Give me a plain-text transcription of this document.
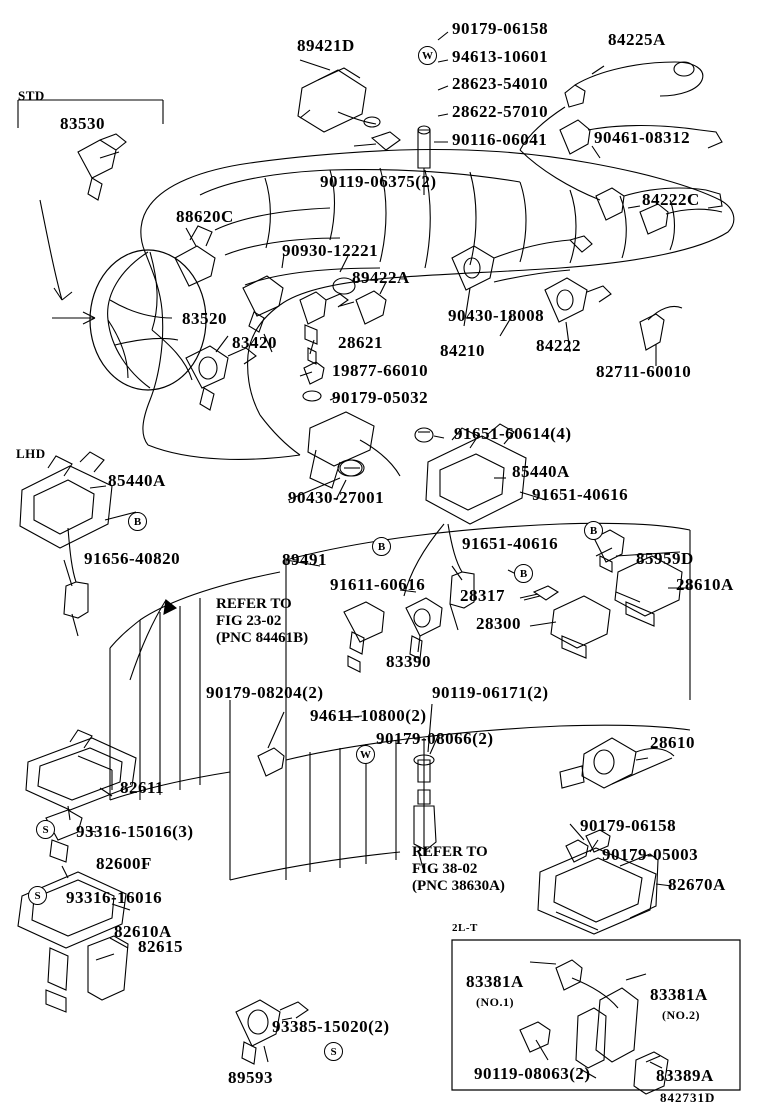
STD
LHD
2L-T
89421D
90179-06158
84225A
94613-10601
28623-54010
28622-57010
90116-06041	90461-08312
83530
90119-06375(2)
84222C
88620C
90930-12221
89422A
83520
83420	28621
90430-18008
84210	84222
82711-60010
19877-66010
90179-05032
91651-60614(4)
85440A	85440A
91651-40616
91651-40616
85959D
91656-40820
90430-27001
89491
91611-60616	28610A
28317
28300
83390
REFER TO
FIG 23-02
(PNC 84461B)
REFER TO
FIG 38-02
(PNC 38630A)
90179-08204(2)	90119-06171(2)
94611-10800(2)
90179-08066(2)	28610
82611
93316-15016(3)
82600F
93316-16016
82610A
82615
90179-06158
90179-05003
82670A
83381A
83381A
(NO.1)
(NO.2)
93385-15020(2)
89593	90119-08063(2)	83389A
W
W
B
B
B
B
S
S
S
842731D
